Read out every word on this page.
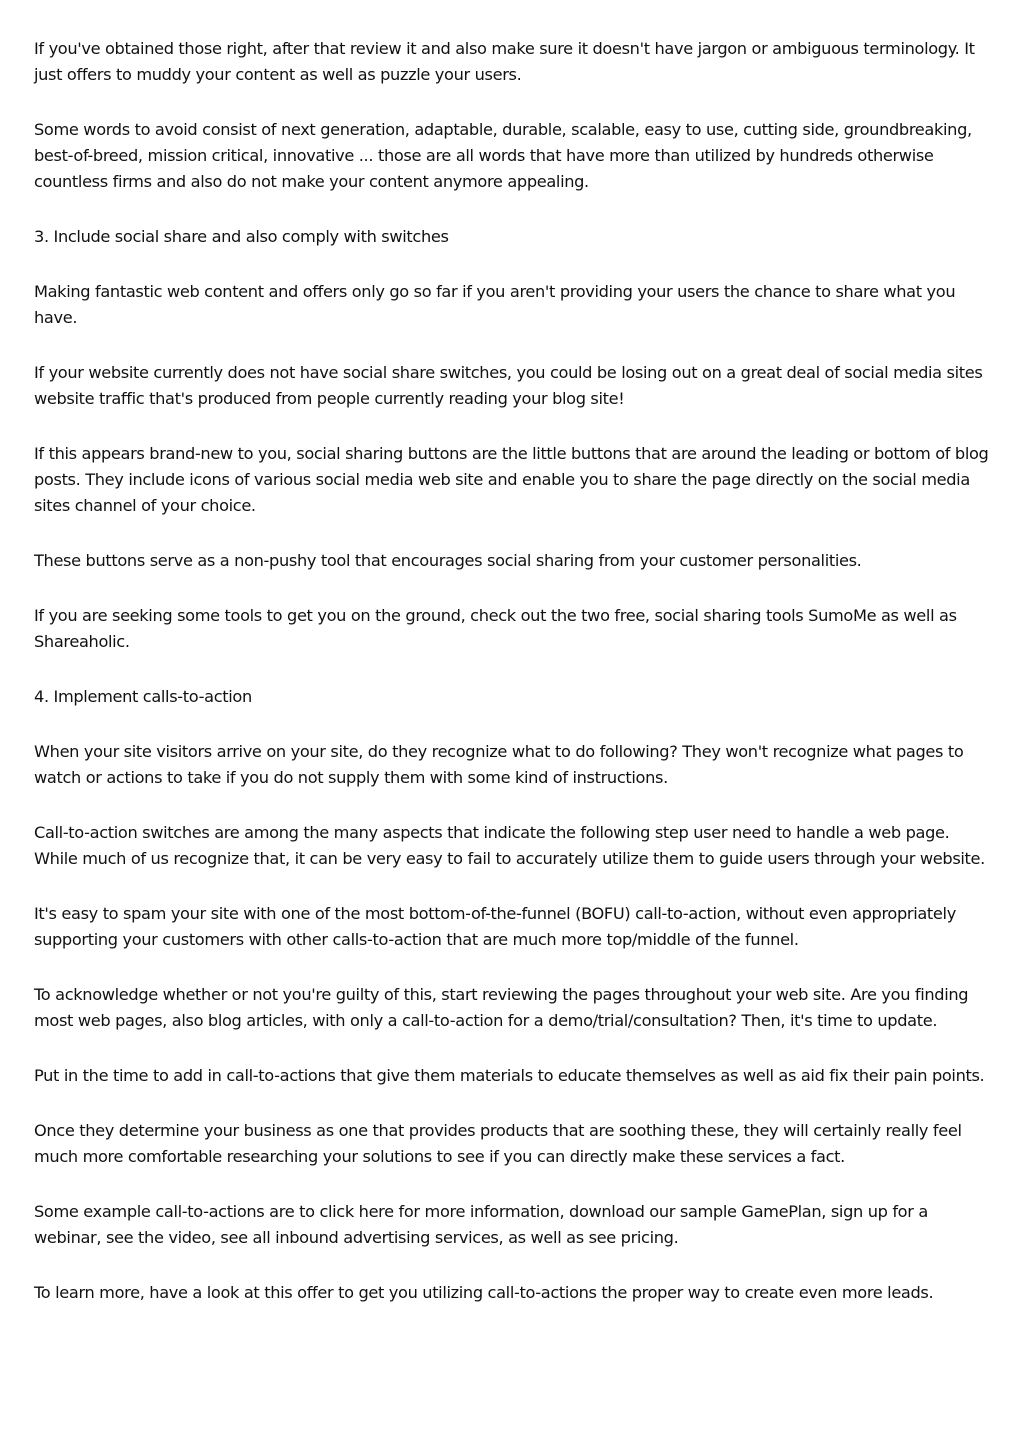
If you've obtained those right, after that review it and also make sure it doesn't have jargon or ambiguous terminology. It just offers to muddy your content as well as puzzle your users.

Some words to avoid consist of next generation, adaptable, durable, scalable, easy to use, cutting side, groundbreaking, best-of-breed, mission critical, innovative ... those are all words that have more than utilized by hundreds otherwise countless firms and also do not make your content anymore appealing.

3. Include social share and also comply with switches

Making fantastic web content and offers only go so far if you aren't providing your users the chance to share what you have.

If your website currently does not have social share switches, you could be losing out on a great deal of social media sites website traffic that's produced from people currently reading your blog site!

If this appears brand-new to you, social sharing buttons are the little buttons that are around the leading or bottom of blog posts. They include icons of various social media web site and enable you to share the page directly on the social media sites channel of your choice.

These buttons serve as a non-pushy tool that encourages social sharing from your customer personalities.

If you are seeking some tools to get you on the ground, check out the two free, social sharing tools SumoMe as well as Shareaholic.

4. Implement calls-to-action

When your site visitors arrive on your site, do they recognize what to do following? They won't recognize what pages to watch or actions to take if you do not supply them with some kind of instructions.

Call-to-action switches are among the many aspects that indicate the following step user need to handle a web page. While much of us recognize that, it can be very easy to fail to accurately utilize them to guide users through your website.

It's easy to spam your site with one of the most bottom-of-the-funnel (BOFU) call-to-action, without even appropriately supporting your customers with other calls-to-action that are much more top/middle of the funnel.

To acknowledge whether or not you're guilty of this, start reviewing the pages throughout your web site. Are you finding most web pages, also blog articles, with only a call-to-action for a demo/trial/consultation? Then, it's time to update.

Put in the time to add in call-to-actions that give them materials to educate themselves as well as aid fix their pain points.

Once they determine your business as one that provides products that are soothing these, they will certainly really feel much more comfortable researching your solutions to see if you can directly make these services a fact.

Some example call-to-actions are to click here for more information, download our sample GamePlan, sign up for a webinar, see the video, see all inbound advertising services, as well as see pricing.

To learn more, have a look at this offer to get you utilizing call-to-actions the proper way to create even more leads.
